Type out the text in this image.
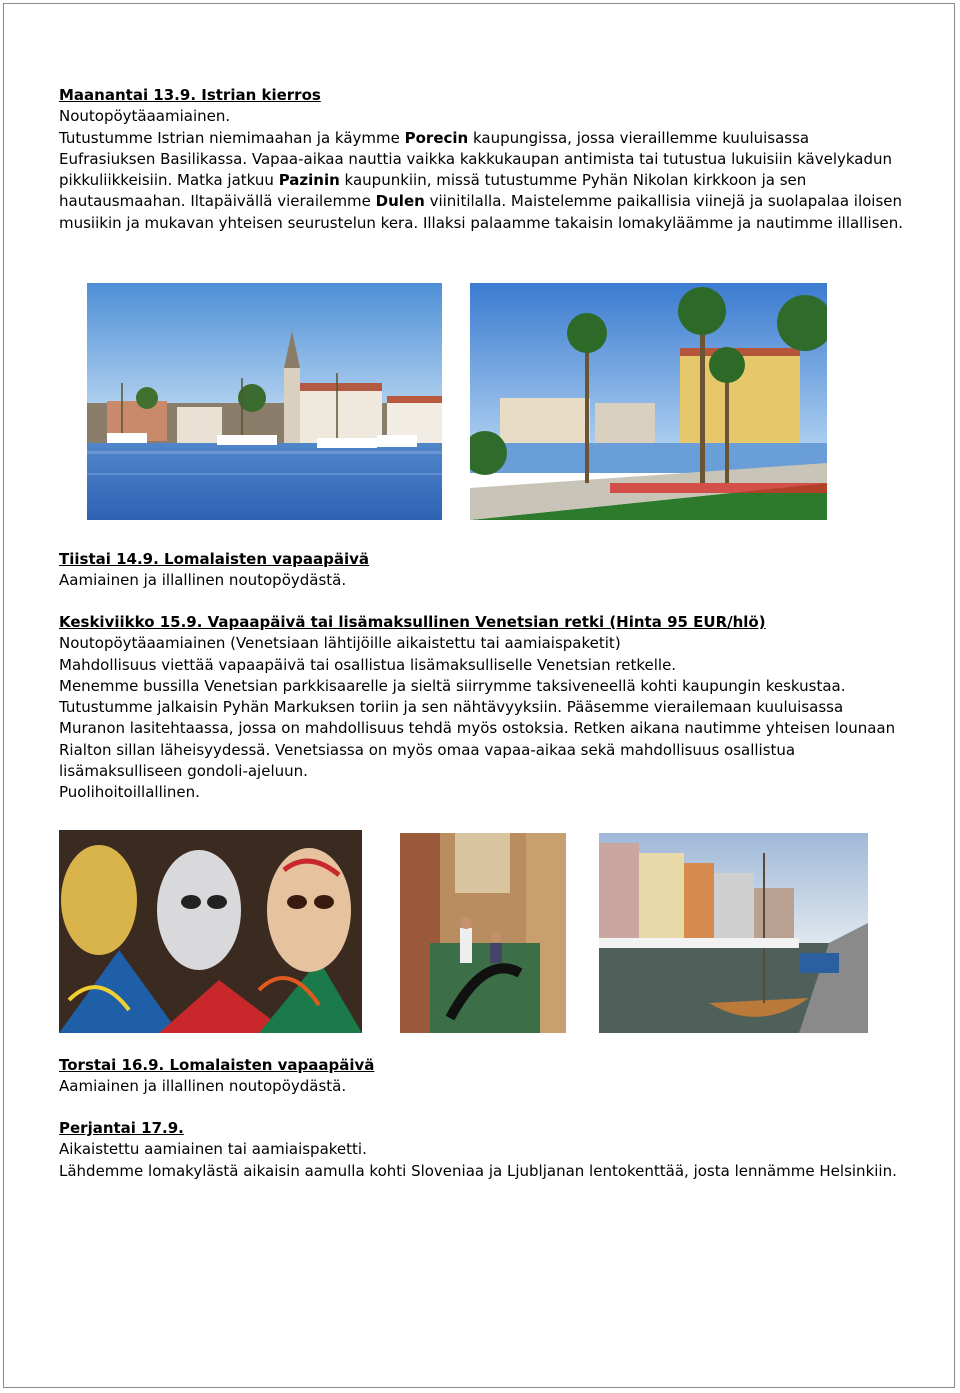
Maanantai 13.9. Istrian kierros
Noutopöytäaamiainen.
Tutustumme Istrian niemimaahan ja käymme Porecin kaupungissa, jossa vieraillemme kuuluisassa Eufrasiuksen Basilikassa. Vapaa-aikaa nauttia vaikka kakkukaupan antimista tai tutustua lukuisiin kävelykadun pikkuliikkeisiin. Matka jatkuu Pazinin kaupunkiin, missä tutustumme Pyhän Nikolan kirkkoon ja sen hautausmaahan. Iltapäivällä vierailemme Dulen viinitilalla. Maistelemme paikallisia viinejä ja suolapalaa iloisen musiikin ja mukavan yhteisen seurustelun kera. Illaksi palaamme takaisin lomakyläämme ja nautimme illallisen.
Tiistai 14.9. Lomalaisten vapaapäivä
Aamiainen ja illallinen noutopöydästä.
Keskiviikko 15.9. Vapaapäivä tai lisämaksullinen Venetsian retki (Hinta 95 EUR/hlö)
Noutopöytäaamiainen (Venetsiaan lähtijöille aikaistettu tai aamiaispaketit)
Mahdollisuus viettää vapaapäivä tai osallistua lisämaksulliselle Venetsian retkelle.
Menemme bussilla Venetsian parkkisaarelle ja sieltä siirrymme taksiveneellä kohti kaupungin keskustaa. Tutustumme jalkaisin Pyhän Markuksen toriin ja sen nähtävyyksiin. Pääsemme vierailemaan kuuluisassa Muranon lasitehtaassa, jossa on mahdollisuus tehdä myös ostoksia. Retken aikana nautimme yhteisen lounaan Rialton sillan läheisyydessä. Venetsiassa on myös omaa vapaa-aikaa sekä mahdollisuus osallistua lisämaksulliseen gondoli-ajeluun.
Puolihoitoillallinen.
Torstai 16.9. Lomalaisten vapaapäivä
Aamiainen ja illallinen noutopöydästä.
Perjantai 17.9.
Aikaistettu aamiainen tai aamiaispaketti.
Lähdemme lomakylästä aikaisin aamulla kohti Sloveniaa ja Ljubljanan lentokenttää, josta lennämme Helsinkiin.
